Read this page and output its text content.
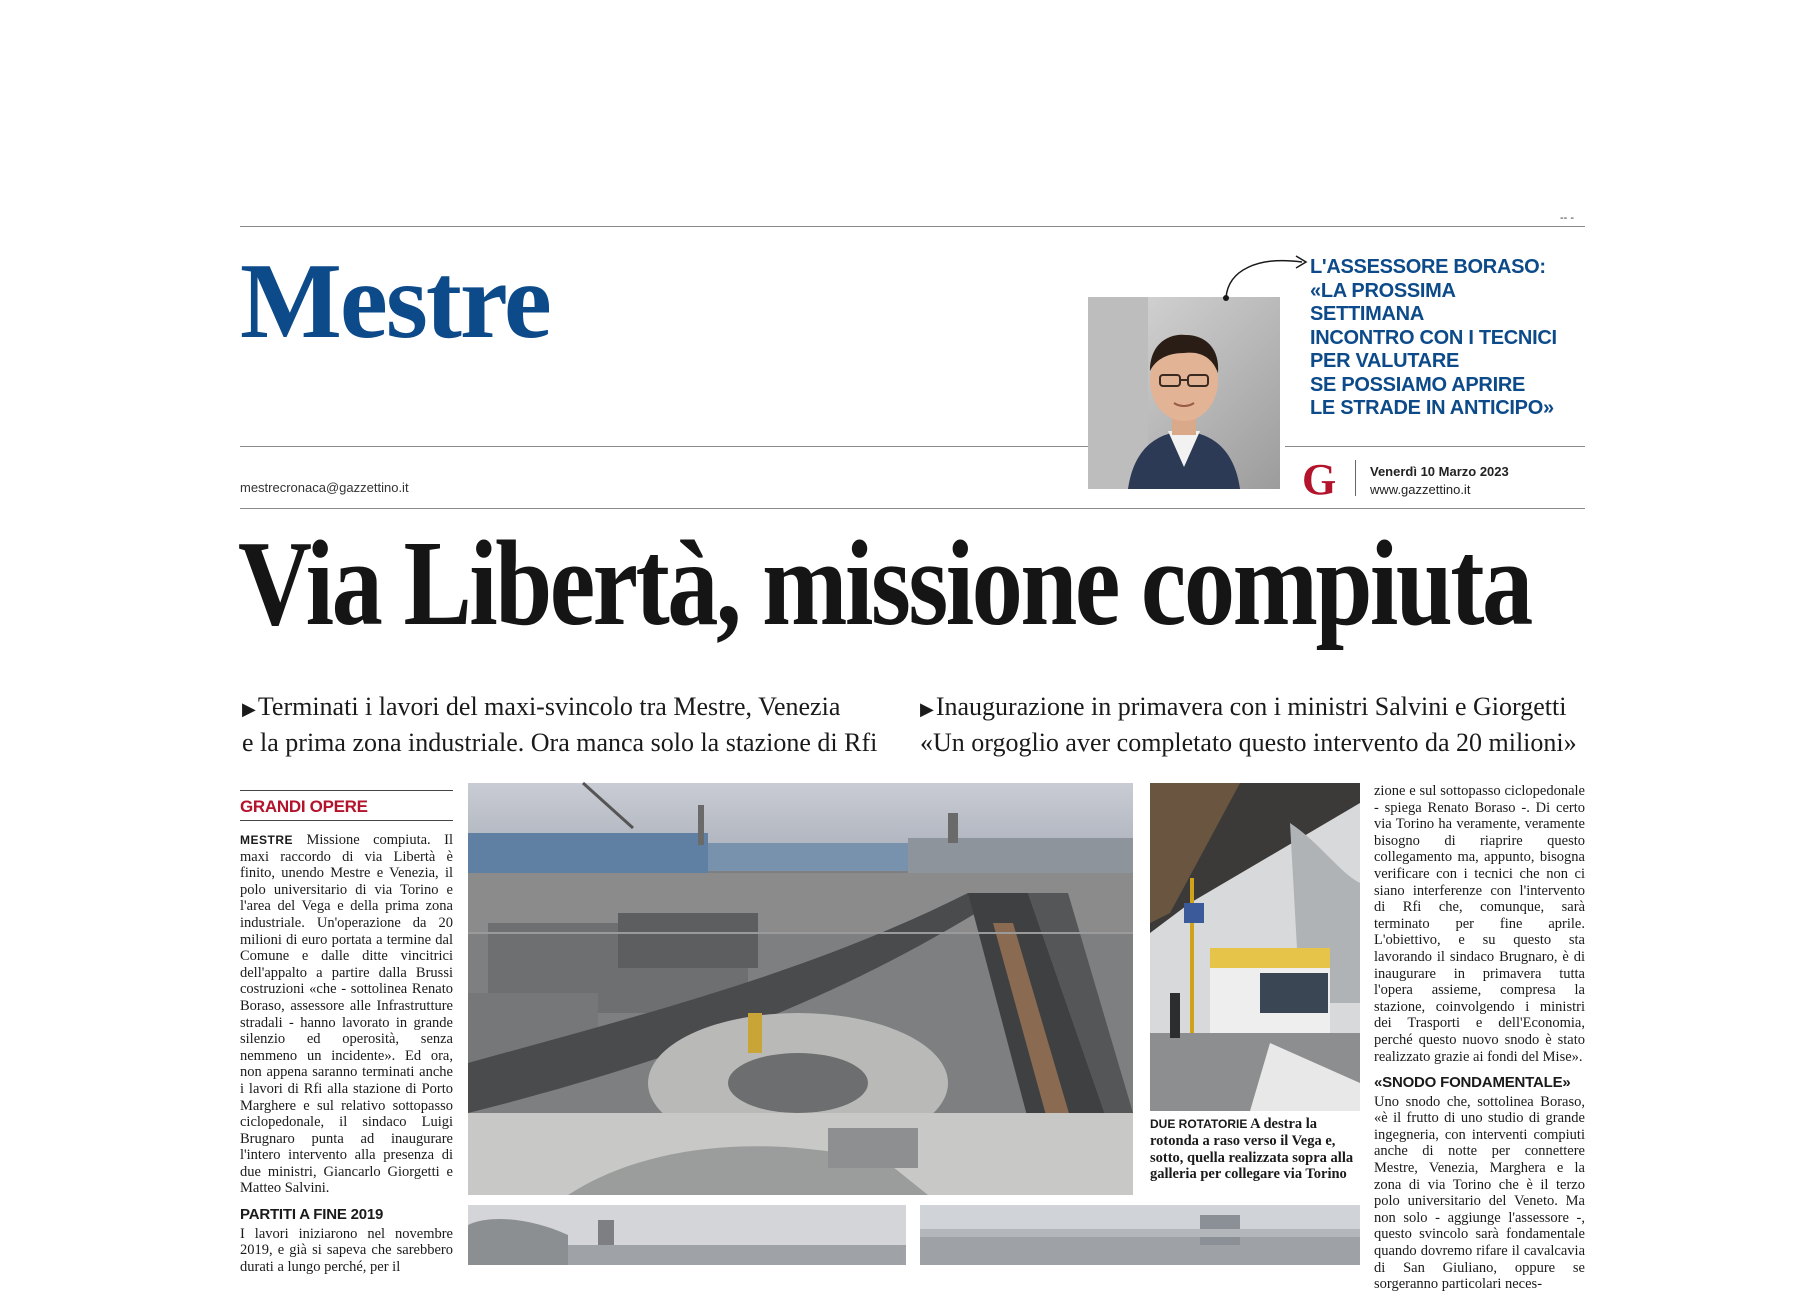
-- -
Mestre
mestrecronaca@gazzettino.it
L'ASSESSORE BORASO:
«LA PROSSIMA SETTIMANA
INCONTRO CON I TECNICI
PER VALUTARE
SE POSSIAMO APRIRE
LE STRADE IN ANTICIPO»
G	Venerdì 10 Marzo 2023
www.gazzettino.it
Via Libertà, missione compiuta
▶Terminati i lavori del maxi-svincolo tra Mestre, Venezia
e la prima zona industriale. Ora manca solo la stazione di Rfi
▶Inaugurazione in primavera con i ministri Salvini e Giorgetti
«Un orgoglio aver completato questo intervento da 20 milioni»
GRANDI OPERE
MESTRE Missione compiuta. Il maxi raccordo di via Libertà è finito, unendo Mestre e Venezia, il polo universitario di via Torino e l'area del Vega e della prima zona industriale. Un'operazione da 20 milioni di euro portata a termine dal Comune e dalle ditte vincitrici dell'appalto a partire dalla Brussi costruzioni «che - sottolinea Renato Boraso, assessore alle Infrastrutture stradali - hanno lavorato in grande silenzio ed operosità, senza nemmeno un incidente». Ed ora, non appena saranno terminati anche i lavori di Rfi alla stazione di Porto Marghere e sul relativo sottopasso ciclopedonale, il sindaco Luigi Brugnaro punta ad inaugurare l'intero intervento alla presenza di due ministri, Giancarlo Giorgetti e Matteo Salvini.
PARTITI A FINE 2019
I lavori iniziarono nel novembre 2019, e già si sapeva che sarebbero durati a lungo perché, per il
DUE ROTATORIE A destra la rotonda a raso verso il Vega e, sotto, quella realizzata sopra alla galleria per collegare via Torino
zione e sul sottopasso ciclopedonale - spiega Renato Boraso -. Di certo via Torino ha veramente, veramente bisogno di riaprire questo collegamento ma, appunto, bisogna verificare con i tecnici che non ci siano interferenze con l'intervento di Rfi che, comunque, sarà terminato per fine aprile. L'obiettivo, e su questo sta lavorando il sindaco Brugnaro, è di inaugurare in primavera tutta l'opera assieme, compresa la stazione, coinvolgendo i ministri dei Trasporti e dell'Economia, perché questo nuovo snodo è stato realizzato grazie ai fondi del Mise».
«SNODO FONDAMENTALE»
Uno snodo che, sottolinea Boraso, «è il frutto di uno studio di grande ingegneria, con interventi compiuti anche di notte per connettere Mestre, Venezia, Marghera e la zona di via Torino che è il terzo polo universitario del Veneto. Ma non solo - aggiunge l'assessore -, questo svincolo sarà fondamentale quando dovremo rifare il cavalcavia di San Giuliano, oppure se sorgeranno particolari neces-
